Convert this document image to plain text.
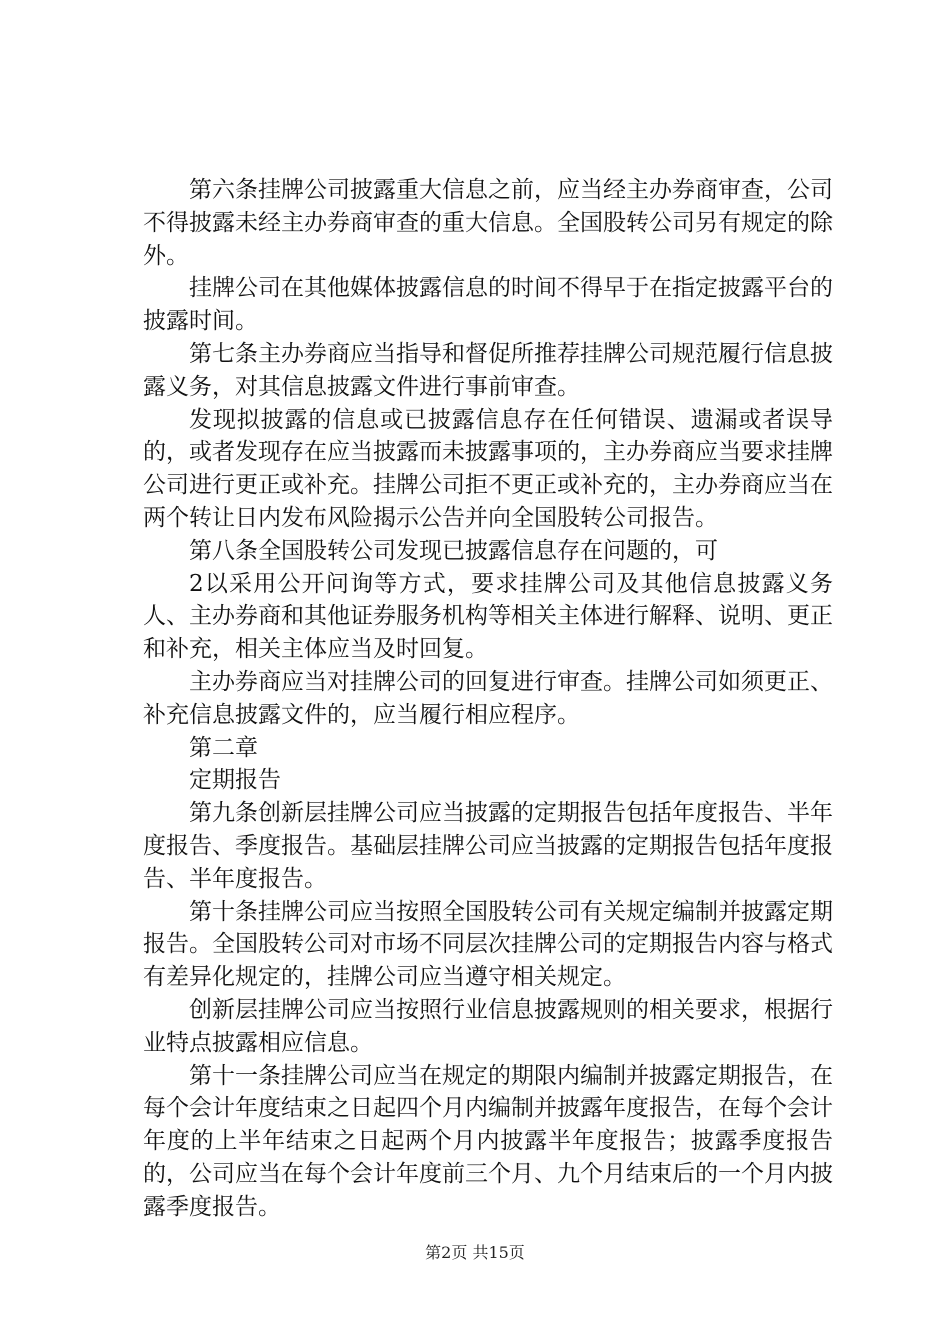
第六条挂牌公司披露重大信息之前，应当经主办券商审查，公司不得披露未经主办券商审查的重大信息。全国股转公司另有规定的除外。

挂牌公司在其他媒体披露信息的时间不得早于在指定披露平台的披露时间。

第七条主办券商应当指导和督促所推荐挂牌公司规范履行信息披露义务，对其信息披露文件进行事前审查。

发现拟披露的信息或已披露信息存在任何错误、遗漏或者误导的，或者发现存在应当披露而未披露事项的，主办券商应当要求挂牌公司进行更正或补充。挂牌公司拒不更正或补充的，主办券商应当在两个转让日内发布风险揭示公告并向全国股转公司报告。

第八条全国股转公司发现已披露信息存在问题的，可

2以采用公开问询等方式，要求挂牌公司及其他信息披露义务人、主办券商和其他证券服务机构等相关主体进行解释、说明、更正和补充，相关主体应当及时回复。

主办券商应当对挂牌公司的回复进行审查。挂牌公司如须更正、补充信息披露文件的，应当履行相应程序。

第二章

定期报告

第九条创新层挂牌公司应当披露的定期报告包括年度报告、半年度报告、季度报告。基础层挂牌公司应当披露的定期报告包括年度报告、半年度报告。

第十条挂牌公司应当按照全国股转公司有关规定编制并披露定期报告。全国股转公司对市场不同层次挂牌公司的定期报告内容与格式有差异化规定的，挂牌公司应当遵守相关规定。

创新层挂牌公司应当按照行业信息披露规则的相关要求，根据行业特点披露相应信息。

第十一条挂牌公司应当在规定的期限内编制并披露定期报告，在每个会计年度结束之日起四个月内编制并披露年度报告，在每个会计年度的上半年结束之日起两个月内披露半年度报告；披露季度报告的，公司应当在每个会计年度前三个月、九个月结束后的一个月内披露季度报告。

第2页 共15页
